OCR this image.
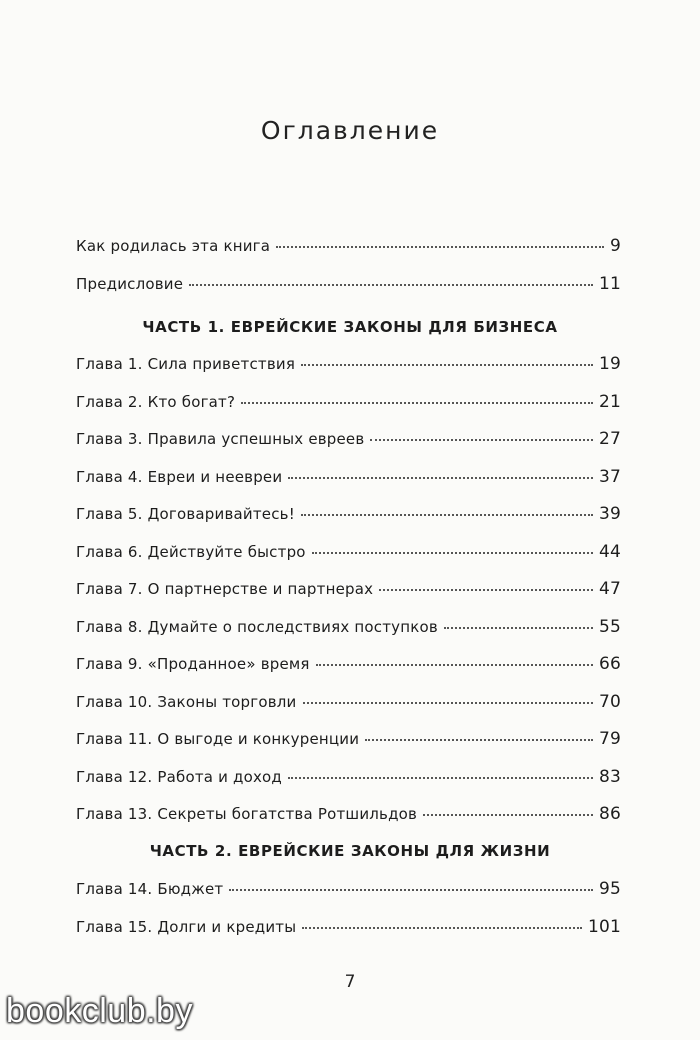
Оглавление
Как родилась эта книга	9
Предисловие	11
ЧАСТЬ 1. ЕВРЕЙСКИЕ ЗАКОНЫ ДЛЯ БИЗНЕСА
Глава 1. Сила приветствия	19
Глава 2. Кто богат?	21
Глава 3. Правила успешных евреев	27
Глава 4. Евреи и неевреи	37
Глава 5. Договаривайтесь!	39
Глава 6. Действуйте быстро	44
Глава 7. О партнерстве и партнерах	47
Глава 8. Думайте о последствиях поступков	55
Глава 9. «Проданное» время	66
Глава 10. Законы торговли	70
Глава 11. О выгоде и конкуренции	79
Глава 12. Работа и доход	83
Глава 13. Секреты богатства Ротшильдов	86
ЧАСТЬ 2. ЕВРЕЙСКИЕ ЗАКОНЫ ДЛЯ ЖИЗНИ
Глава 14. Бюджет	95
Глава 15. Долги и кредиты	101
7
bookclub.by
